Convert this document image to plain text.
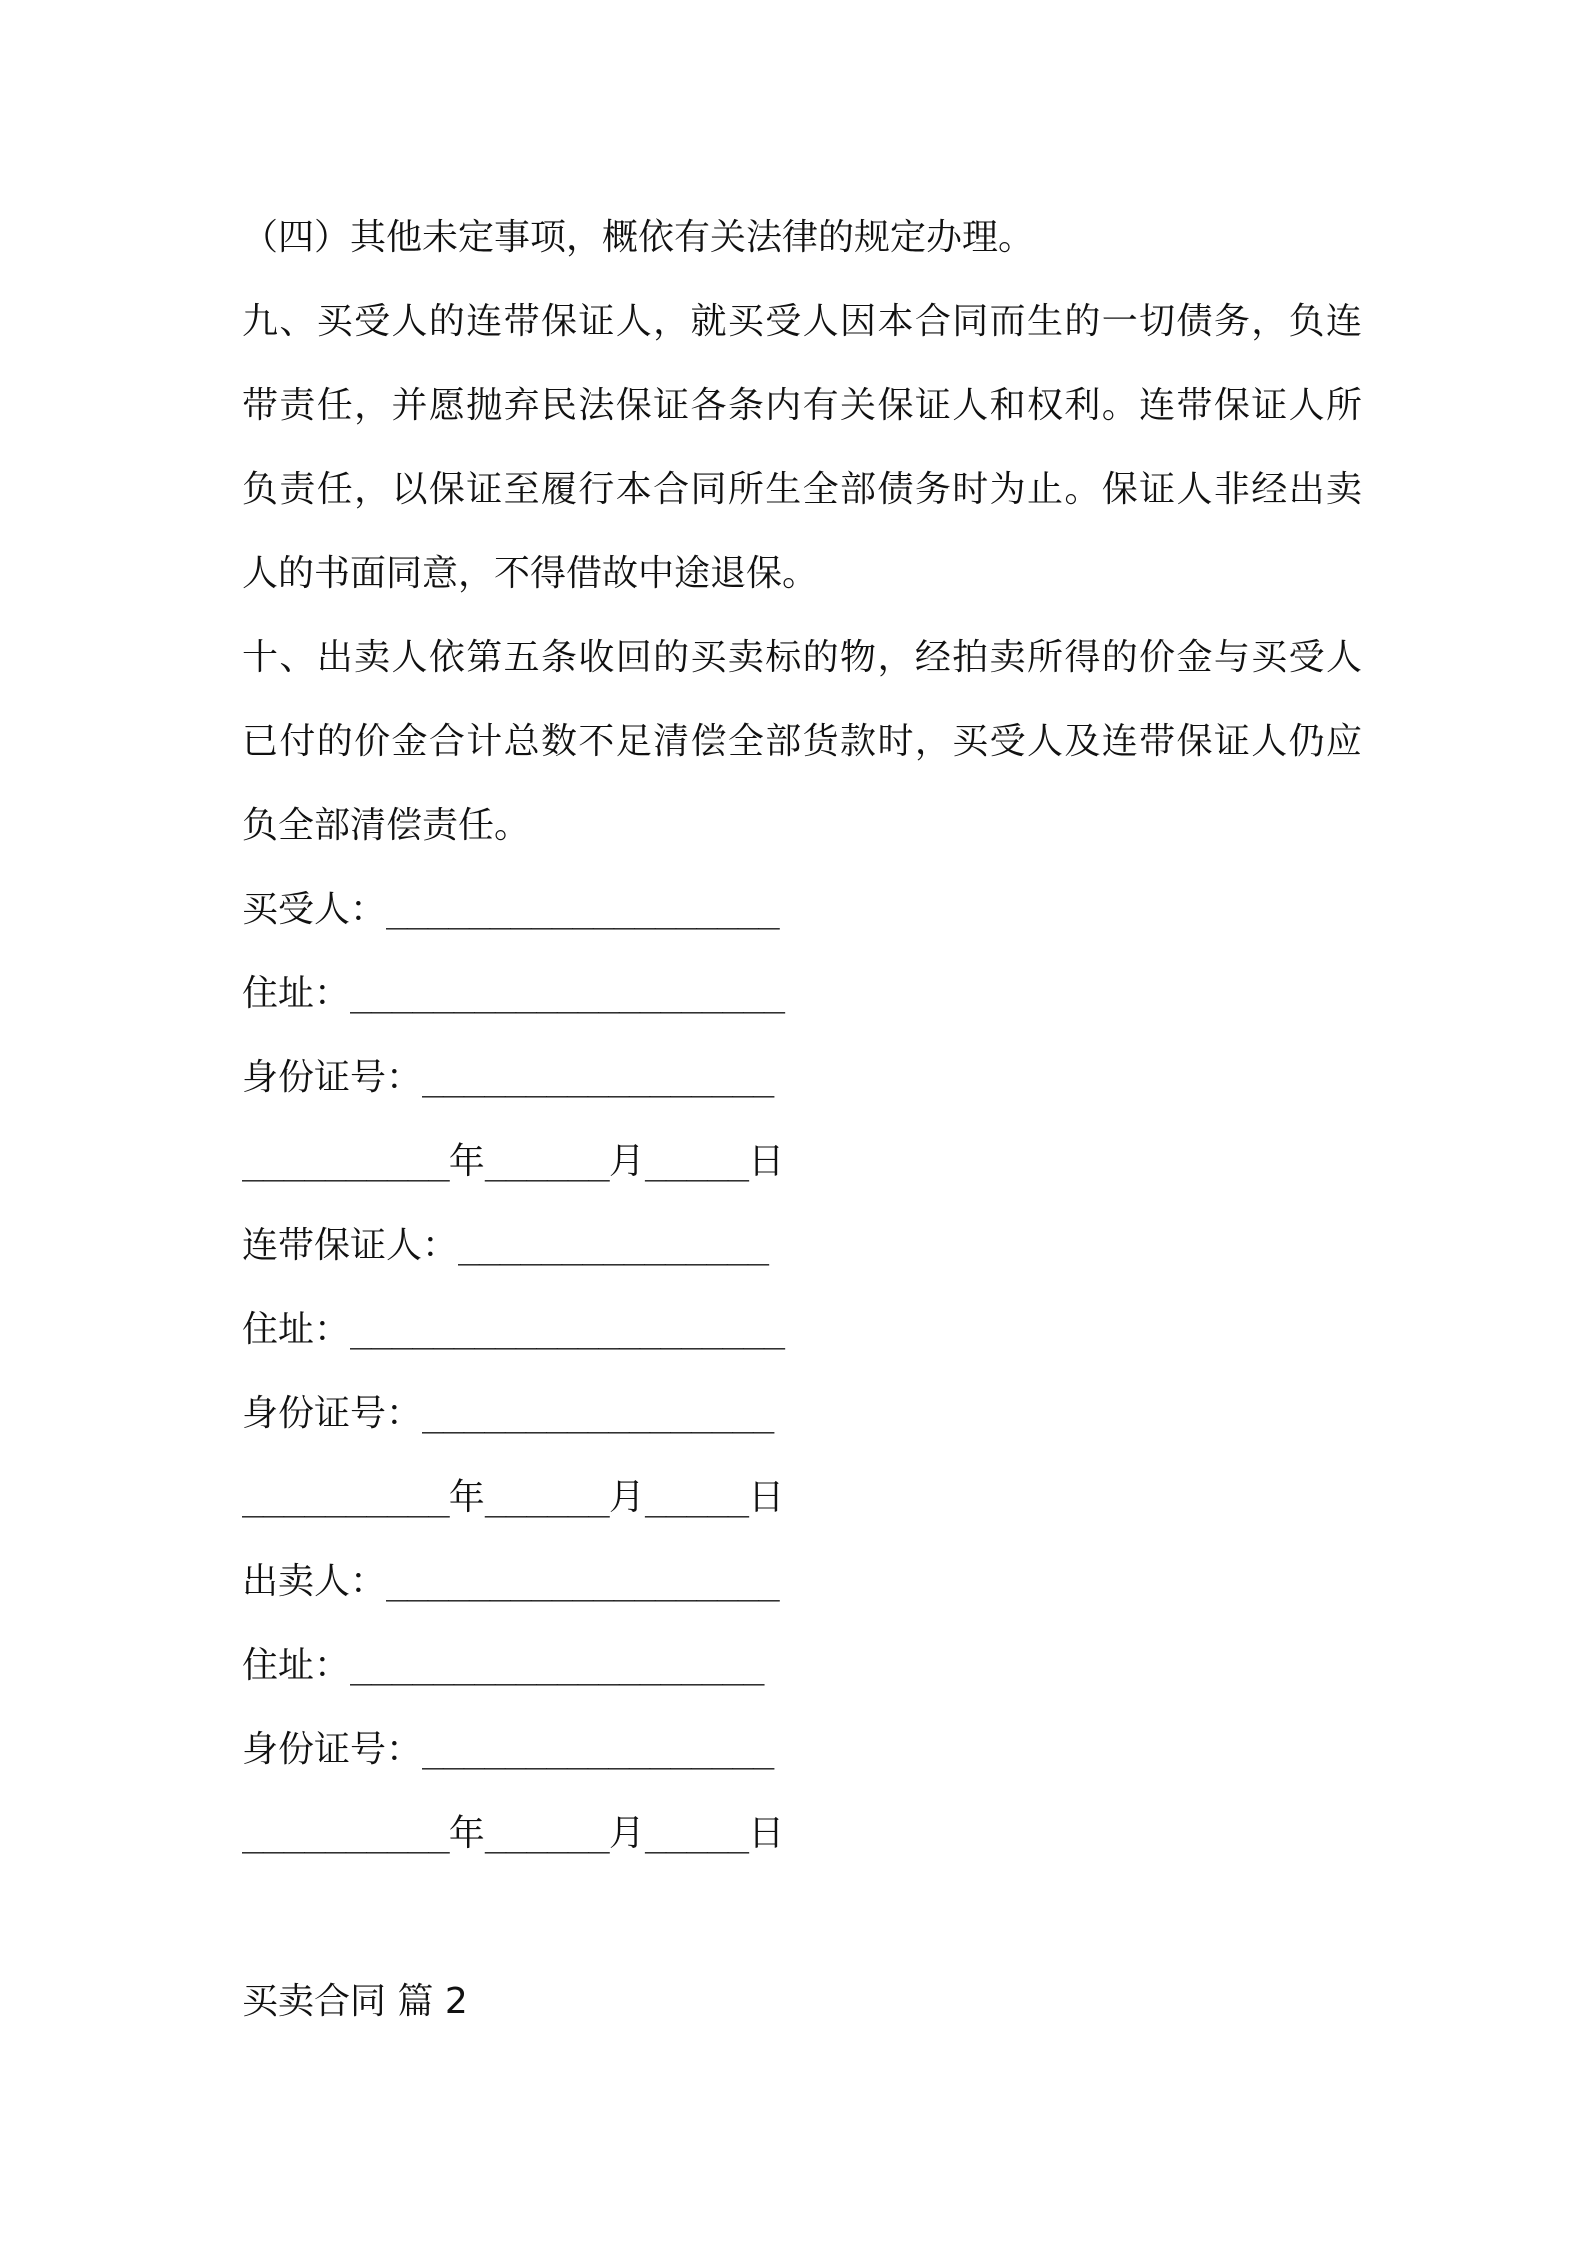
（四）其他未定事项，概依有关法律的规定办理。
九、买受人的连带保证人，就买受人因本合同而生的一切债务，负连
带责任，并愿抛弃民法保证各条内有关保证人和权利。连带保证人所
负责任，以保证至履行本合同所生全部债务时为止。保证人非经出卖
人的书面同意，不得借故中途退保。
十、出卖人依第五条收回的买卖标的物，经拍卖所得的价金与买受人
已付的价金合计总数不足清偿全部货款时，买受人及连带保证人仍应
负全部清偿责任。
买受人：___________________
住址：_____________________
身份证号：_________________
__________年______月_____日
连带保证人：_______________
住址：_____________________
身份证号：_________________
__________年______月_____日
出卖人：___________________
住址：____________________
身份证号：_________________
__________年______月_____日
买卖合同 篇 2
